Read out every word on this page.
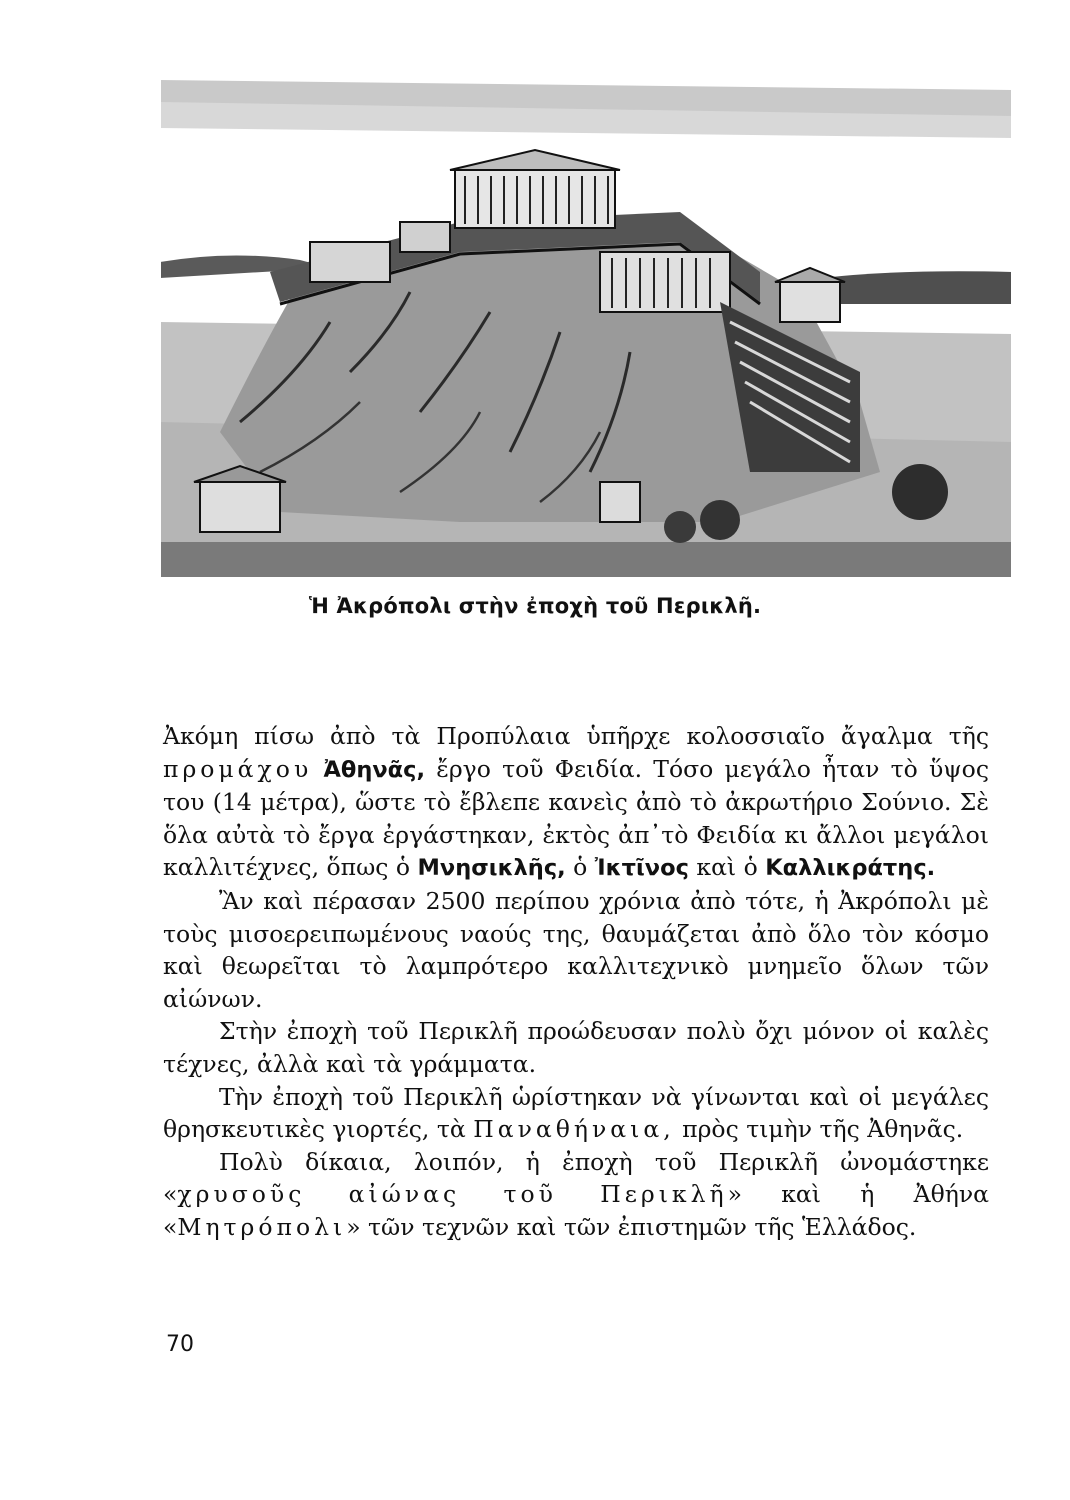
Ἡ Ἀκρόπολι στὴν ἐποχὴ τοῦ Περικλῆ.

Ἀκόμη πίσω ἀπὸ τὰ Προπύλαια ὑπῆρχε κολοσσιαῖο ἄγαλμα τῆς προμάχου Ἀθηνᾶς, ἔργο τοῦ Φειδία. Τόσο μεγάλο ἦταν τὸ ὕψος του (14 μέτρα), ὥστε τὸ ἔβλεπε κανεὶς ἀπὸ τὸ ἀκρωτήριο Σούνιο. Σὲ ὅλα αὐτὰ τὸ ἔργα ἐργάστηκαν, ἐκτὸς ἀπ᾽τὸ Φειδία κι ἄλλοι μεγάλοι καλλιτέχνες, ὅπως ὁ Μνησικλῆς, ὁ Ἰκτῖνος καὶ ὁ Καλλικράτης.

Ἂν καὶ πέρασαν 2500 περίπου χρόνια ἀπὸ τότε, ἡ Ἀκρόπολι μὲ τοὺς μισοερειπωμένους ναούς της, θαυμάζεται ἀπὸ ὅλο τὸν κόσμο καὶ θεωρεῖται τὸ λαμπρότερο καλλιτεχνικὸ μνημεῖο ὅλων τῶν αἰώνων.

Στὴν ἐποχὴ τοῦ Περικλῆ προώδευσαν πολὺ ὄχι μόνον οἱ καλὲς τέχνες, ἀλλὰ καὶ τὰ γράμματα.

Τὴν ἐποχὴ τοῦ Περικλῆ ὡρίστηκαν νὰ γίνωνται καὶ οἱ μεγάλες θρησκευτικὲς γιορτές, τὰ Παναθήναια, πρὸς τιμὴν τῆς Ἀθηνᾶς.

Πολὺ δίκαια, λοιπόν, ἡ ἐποχὴ τοῦ Περικλῆ ὠνομάστηκε «χρυσοῦς αἰώνας τοῦ Περικλῆ» καὶ ἡ Ἀθήνα «Μητρόπολι» τῶν τεχνῶν καὶ τῶν ἐπιστημῶν τῆς Ἑλλάδος.

70
